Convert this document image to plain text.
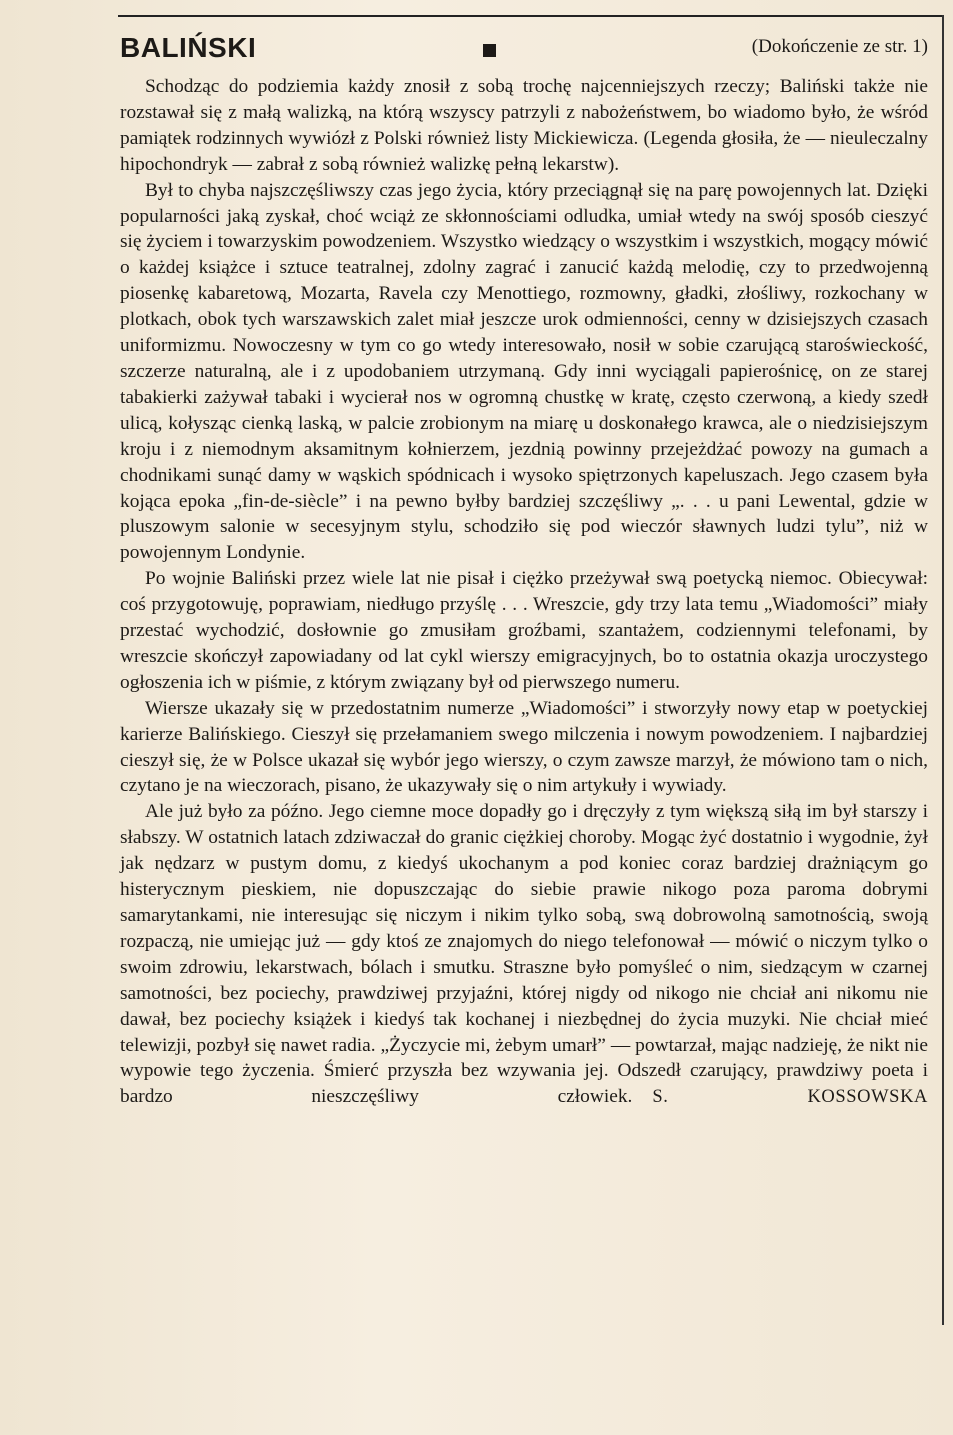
BALIŃSKI	(Dokończenie ze str. 1)

Schodząc do podziemia każdy znosił z sobą trochę najcenniejszych rzeczy; Baliński także nie rozstawał się z małą walizką, na którą wszyscy patrzyli z nabożeństwem, bo wiadomo było, że wśród pamiątek rodzinnych wywiózł z Polski również listy Mickiewicza. (Legenda głosiła, że — nieuleczalny hipochondryk — zabrał z sobą również walizkę pełną lekarstw).

Był to chyba najszczęśliwszy czas jego życia, który przeciągnął się na parę powojennych lat. Dzięki popularności jaką zyskał, choć wciąż ze skłonnościami odludka, umiał wtedy na swój sposób cieszyć się życiem i towarzyskim powodzeniem. Wszystko wiedzący o wszystkim i wszystkich, mogący mówić o każdej książce i sztuce teatralnej, zdolny zagrać i zanucić każdą melodię, czy to przedwojenną piosenkę kabaretową, Mozarta, Ravela czy Menottiego, rozmowny, gładki, złośliwy, rozkochany w plotkach, obok tych warszawskich zalet miał jeszcze urok odmienności, cenny w dzisiejszych czasach uniformizmu. Nowoczesny w tym co go wtedy interesowało, nosił w sobie czarującą staroświeckość, szczerze naturalną, ale i z upodobaniem utrzymaną. Gdy inni wyciągali papierośnicę, on ze starej tabakierki zażywał tabaki i wycierał nos w ogromną chustkę w kratę, często czerwoną, a kiedy szedł ulicą, kołysząc cienką laską, w palcie zrobionym na miarę u doskonałego krawca, ale o niedzisiejszym kroju i z niemodnym aksamitnym kołnierzem, jezdnią powinny przejeżdżać powozy na gumach a chodnikami sunąć damy w wąskich spódnicach i wysoko spiętrzonych kapeluszach. Jego czasem była kojąca epoka „fin-de-siècle” i na pewno byłby bardziej szczęśliwy „. . . u pani Lewental, gdzie w pluszowym salonie w secesyjnym stylu, schodziło się pod wieczór sławnych ludzi tylu”, niż w powojennym Londynie.

Po wojnie Baliński przez wiele lat nie pisał i ciężko przeżywał swą poetycką niemoc. Obiecywał: coś przygotowuję, poprawiam, niedługo przyślę . . . Wreszcie, gdy trzy lata temu „Wiadomości” miały przestać wychodzić, dosłownie go zmusiłam groźbami, szantażem, codziennymi telefonami, by wreszcie skończył zapowiadany od lat cykl wierszy emigracyjnych, bo to ostatnia okazja uroczystego ogłoszenia ich w piśmie, z którym związany był od pierwszego numeru.

Wiersze ukazały się w przedostatnim numerze „Wiadomości” i stworzyły nowy etap w poetyckiej karierze Balińskiego. Cieszył się przełamaniem swego milczenia i nowym powodzeniem. I najbardziej cieszył się, że w Polsce ukazał się wybór jego wierszy, o czym zawsze marzył, że mówiono tam o nich, czytano je na wieczorach, pisano, że ukazywały się o nim artykuły i wywiady.

Ale już było za późno. Jego ciemne moce dopadły go i dręczyły z tym większą siłą im był starszy i słabszy. W ostatnich latach zdziwaczał do granic ciężkiej choroby. Mogąc żyć dostatnio i wygodnie, żył jak nędzarz w pustym domu, z kiedyś ukochanym a pod koniec coraz bardziej drażniącym go histerycznym pieskiem, nie dopuszczając do siebie prawie nikogo poza paroma dobrymi samarytankami, nie interesując się niczym i nikim tylko sobą, swą dobrowolną samotnością, swoją rozpaczą, nie umiejąc już — gdy ktoś ze znajomych do niego telefonował — mówić o niczym tylko o swoim zdrowiu, lekarstwach, bólach i smutku. Straszne było pomyśleć o nim, siedzącym w czarnej samotności, bez pociechy, prawdziwej przyjaźni, której nigdy od nikogo nie chciał ani nikomu nie dawał, bez pociechy książek i kiedyś tak kochanej i niezbędnej do życia muzyki. Nie chciał mieć telewizji, pozbył się nawet radia. „Życzycie mi, żebym umarł” — powtarzał, mając nadzieję, że nikt nie wypowie tego życzenia. Śmierć przyszła bez wzywania jej. Odszedł czarujący, prawdziwy poeta i bardzo nieszczęśliwy człowiek. S. KOSSOWSKA
